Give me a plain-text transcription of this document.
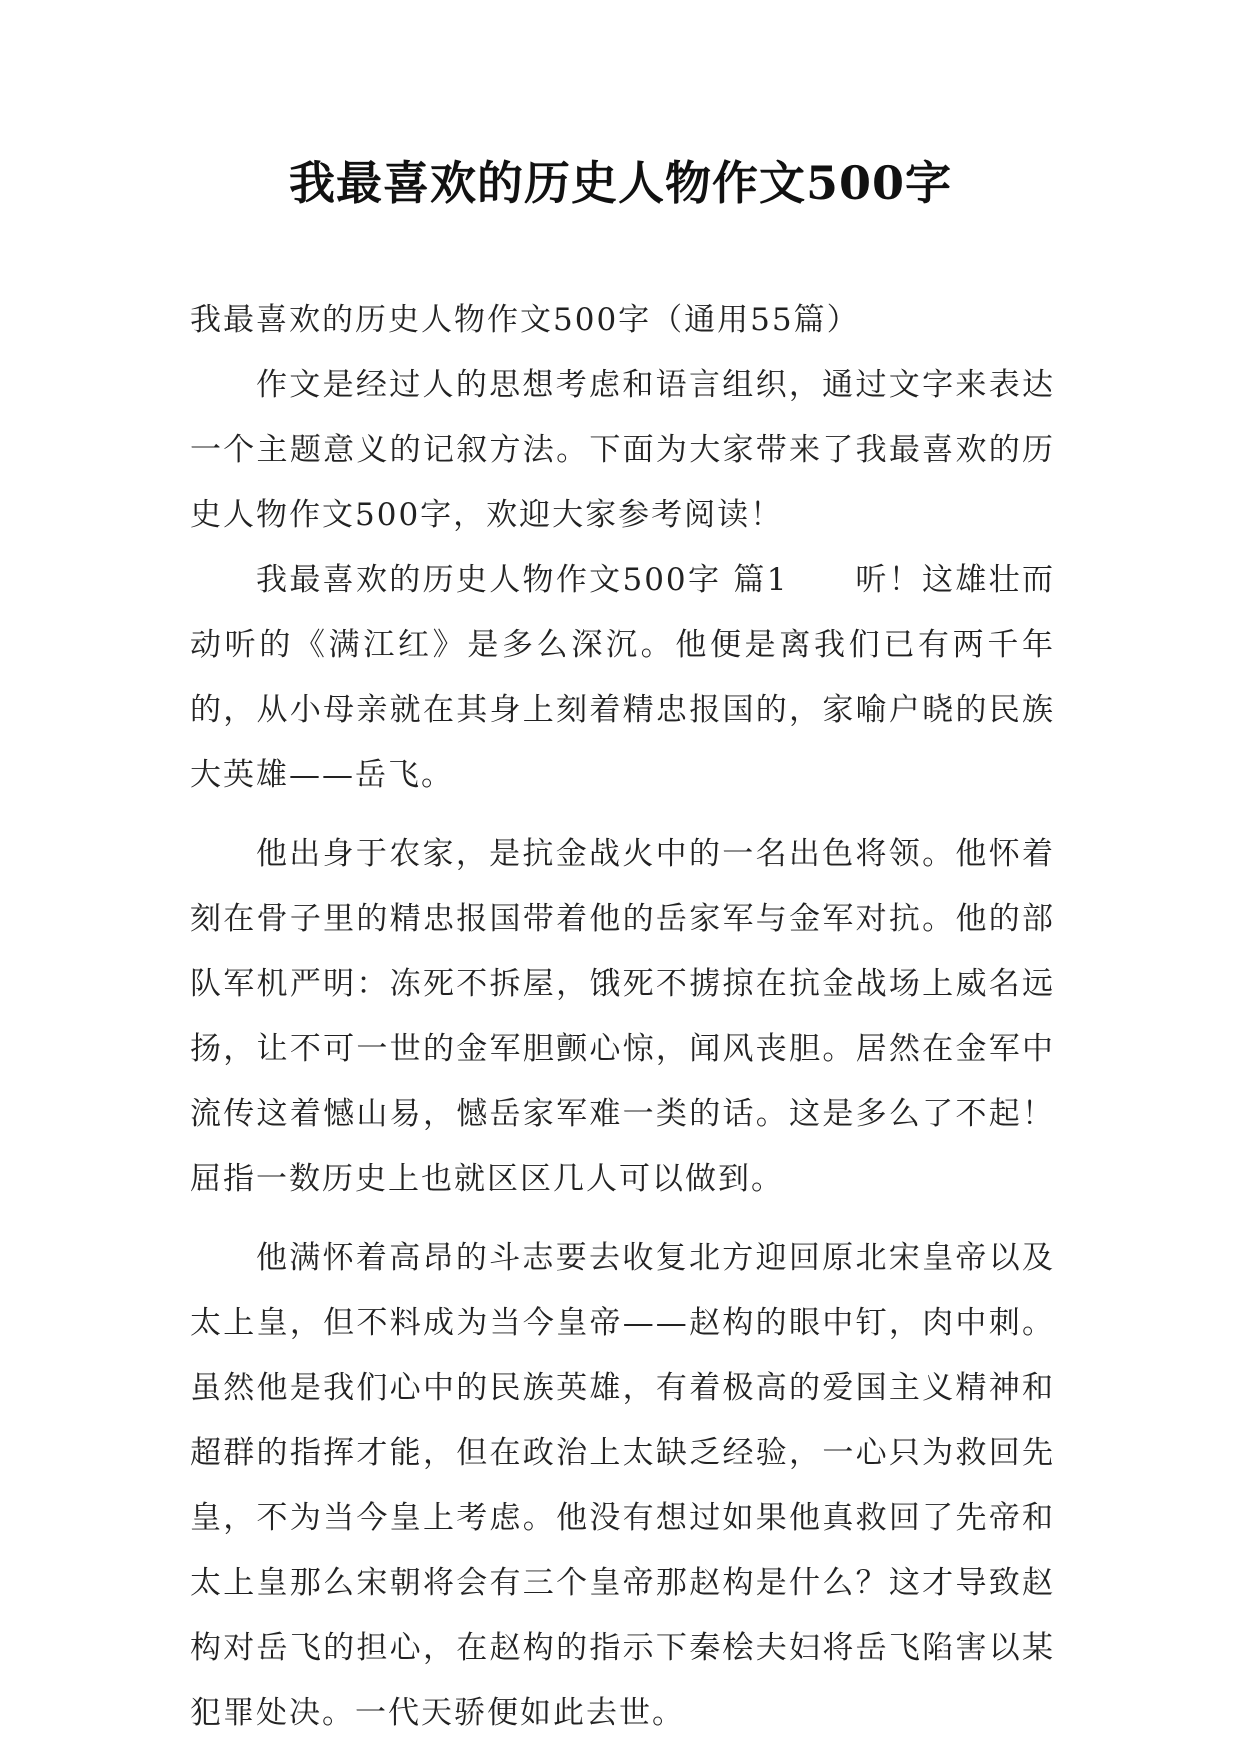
我最喜欢的历史人物作文500字

我最喜欢的历史人物作文500字（通用55篇）

作文是经过人的思想考虑和语言组织，通过文字来表达一个主题意义的记叙方法。下面为大家带来了我最喜欢的历史人物作文500字，欢迎大家参考阅读！

我最喜欢的历史人物作文500字 篇1　　听！这雄壮而动听的《满江红》是多么深沉。他便是离我们已有两千年的，从小母亲就在其身上刻着精忠报国的，家喻户晓的民族大英雄——岳飞。

他出身于农家，是抗金战火中的一名出色将领。他怀着刻在骨子里的精忠报国带着他的岳家军与金军对抗。他的部队军机严明：冻死不拆屋，饿死不掳掠在抗金战场上威名远扬，让不可一世的金军胆颤心惊，闻风丧胆。居然在金军中流传这着憾山易，憾岳家军难一类的话。这是多么了不起！屈指一数历史上也就区区几人可以做到。

他满怀着高昂的斗志要去收复北方迎回原北宋皇帝以及太上皇，但不料成为当今皇帝——赵构的眼中钉，肉中刺。虽然他是我们心中的民族英雄，有着极高的爱国主义精神和超群的指挥才能，但在政治上太缺乏经验，一心只为救回先皇，不为当今皇上考虑。他没有想过如果他真救回了先帝和太上皇那么宋朝将会有三个皇帝那赵构是什么？这才导致赵构对岳飞的担心，在赵构的指示下秦桧夫妇将岳飞陷害以某犯罪处决。一代天骄便如此去世。
